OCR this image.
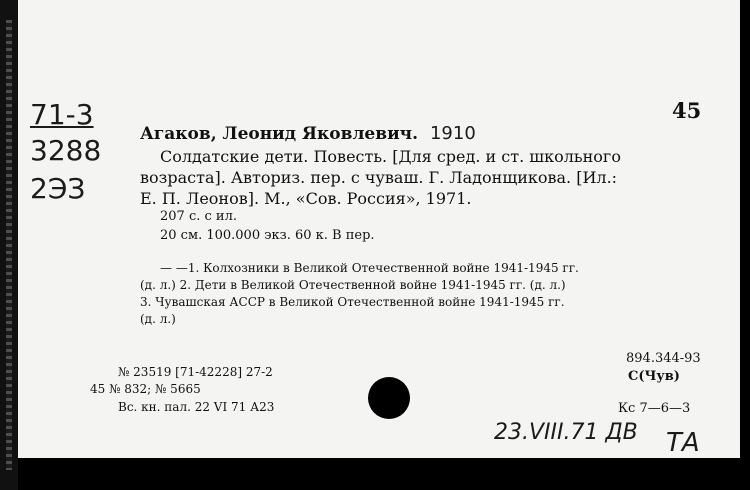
71-3
3288
2ЭЗ
45
Агаков, Леонид Яковлевич. 1910
Солдатские дети. Повесть. [Для сред. и ст. школьного
возраста]. Авториз. пер. с чуваш. Г. Ладонщикова. [Ил.:
Е. П. Леонов]. М., «Сов. Россия», 1971.
207 с. с ил.
20 см. 100.000 экз. 60 к. В пер.
— —1. Колхозники в Великой Отечественной войне 1941-1945 гг.
(д. л.) 2. Дети в Великой Отечественной войне 1941-1945 гг. (д. л.)
3. Чувашская АССР в Великой Отечественной войне 1941-1945 гг.
(д. л.)
894.344-93
С(Чув)
№ 23519 [71-42228] 27-2
45 № 832; № 5665
Вс. кн. пал. 22 VI 71 А23	Кс 7—6—3
23.VIII.71 ДВ ТА
